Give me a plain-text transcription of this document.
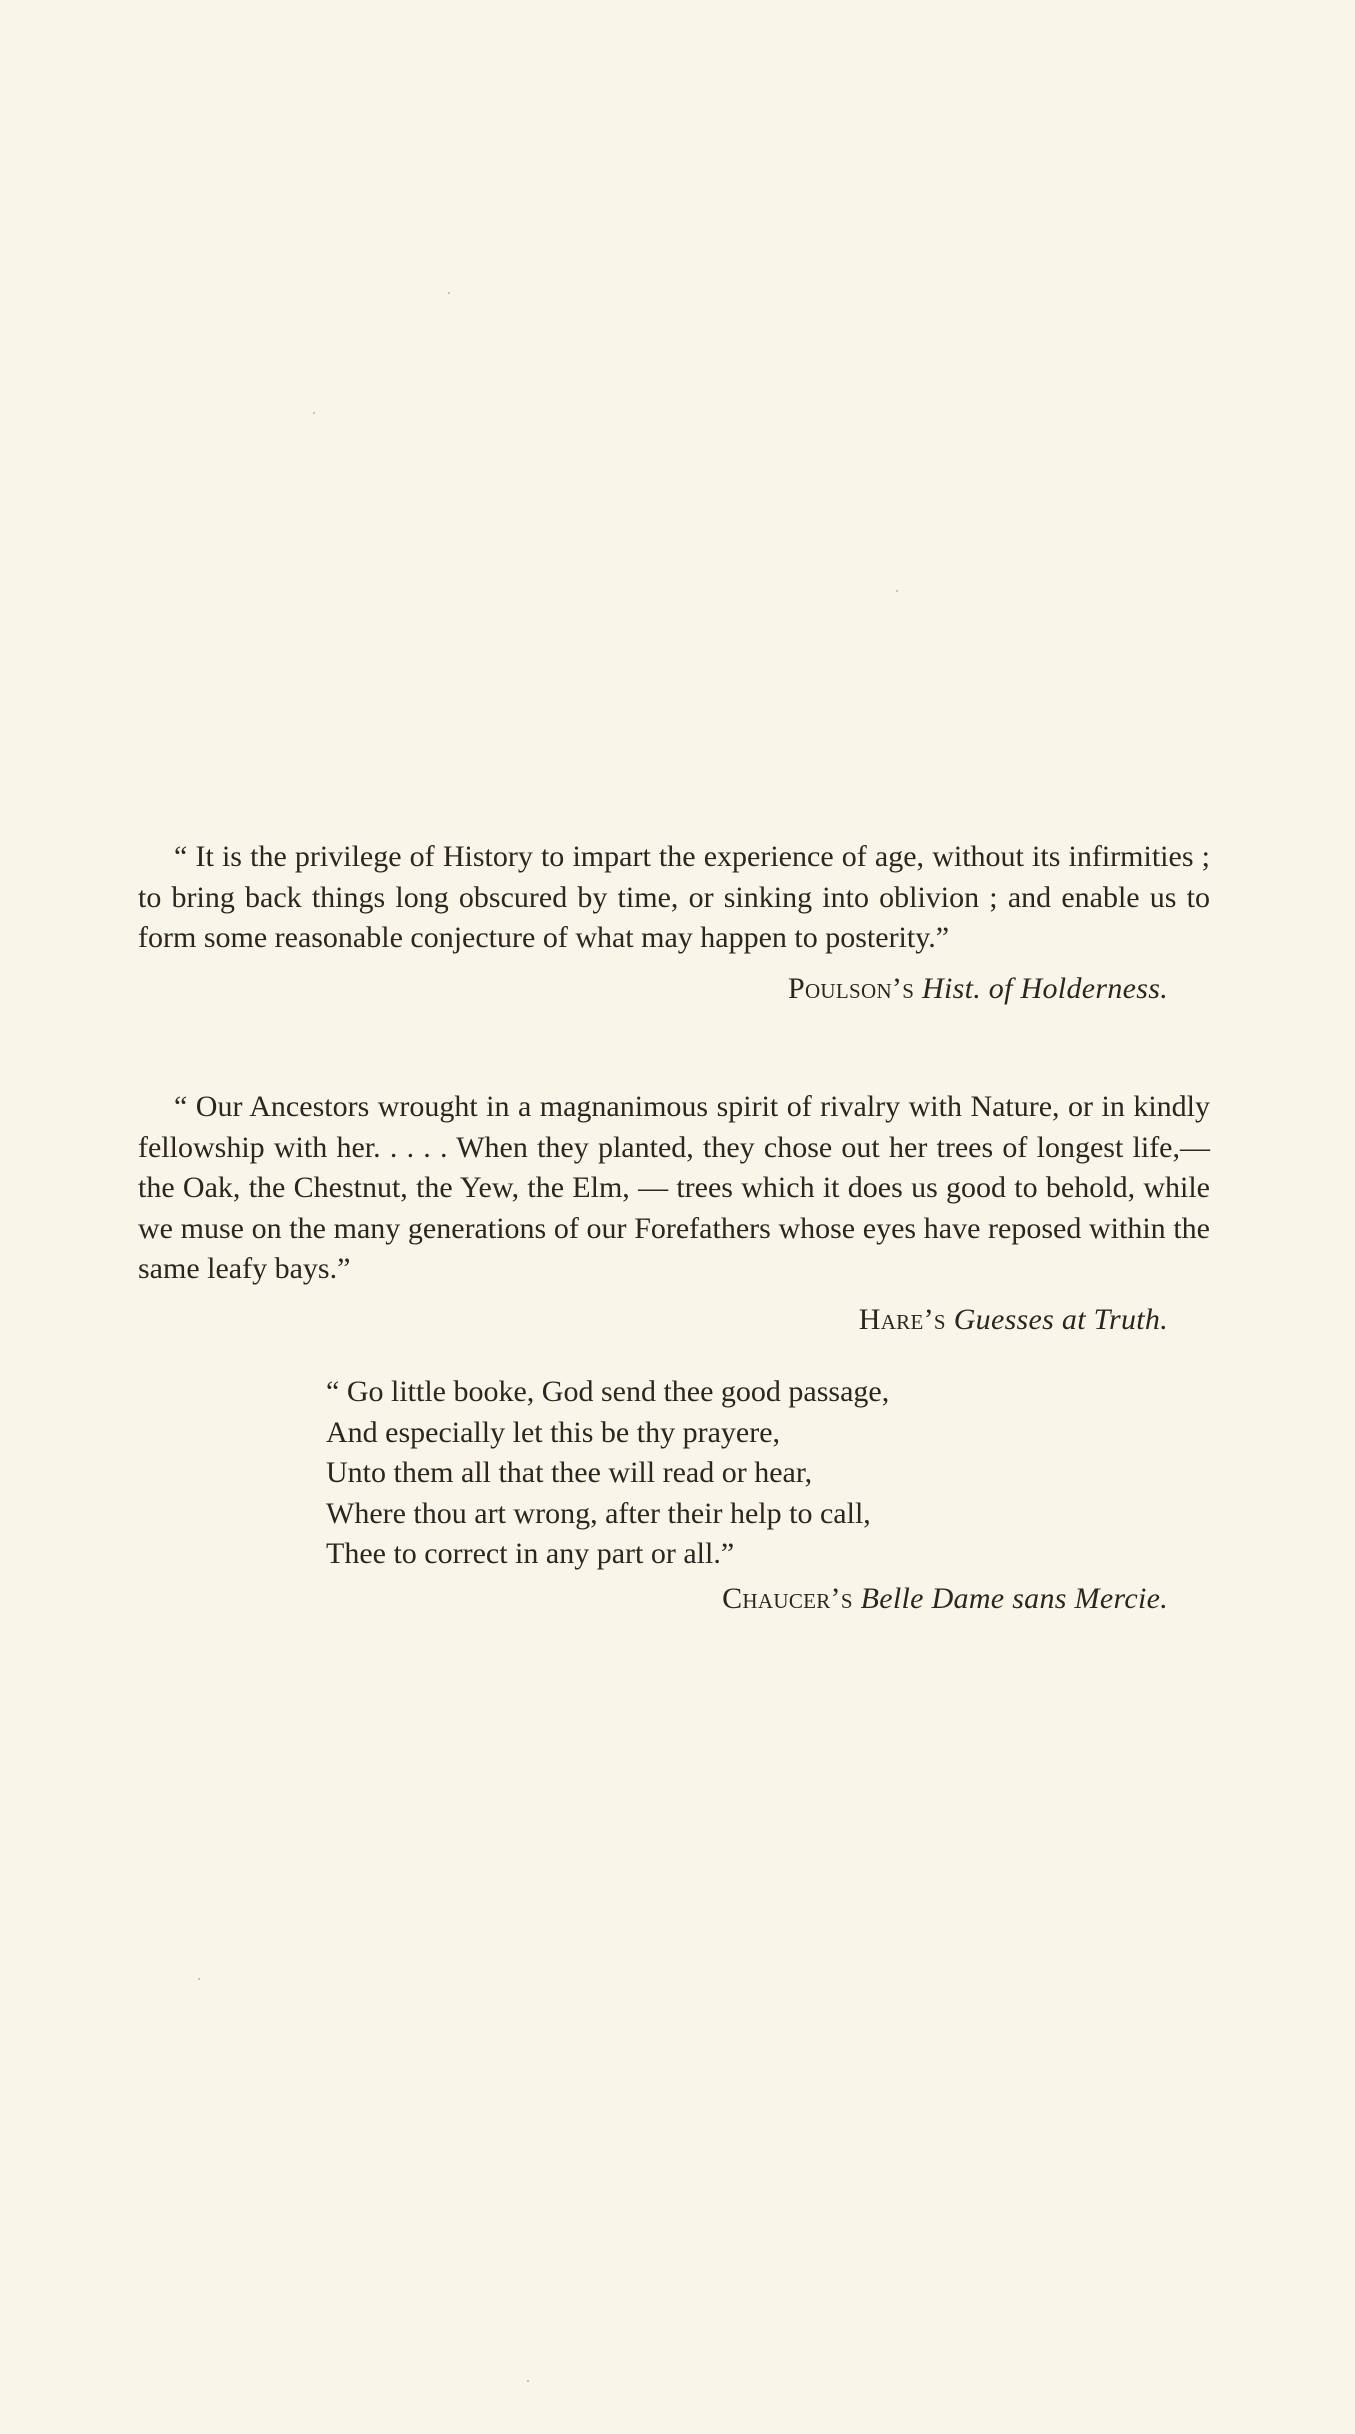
“ It is the privilege of History to impart the experience of age, without its infirmities ; to bring back things long obscured by time, or sinking into oblivion ; and enable us to form some reasonable conjecture of what may happen to posterity.”

Poulson’s Hist. of Holderness.

“ Our Ancestors wrought in a magnanimous spirit of rivalry with Nature, or in kindly fellowship with her. . . . . When they planted, they chose out her trees of longest life,—the Oak, the Chestnut, the Yew, the Elm, — trees which it does us good to behold, while we muse on the many generations of our Forefathers whose eyes have reposed within the same leafy bays.”

Hare’s Guesses at Truth.
“ Go little booke, God send thee good passage,
And especially let this be thy prayere,
Unto them all that thee will read or hear,
Where thou art wrong, after their help to call,
Thee to correct in any part or all.”
Chaucer’s Belle Dame sans Mercie.
